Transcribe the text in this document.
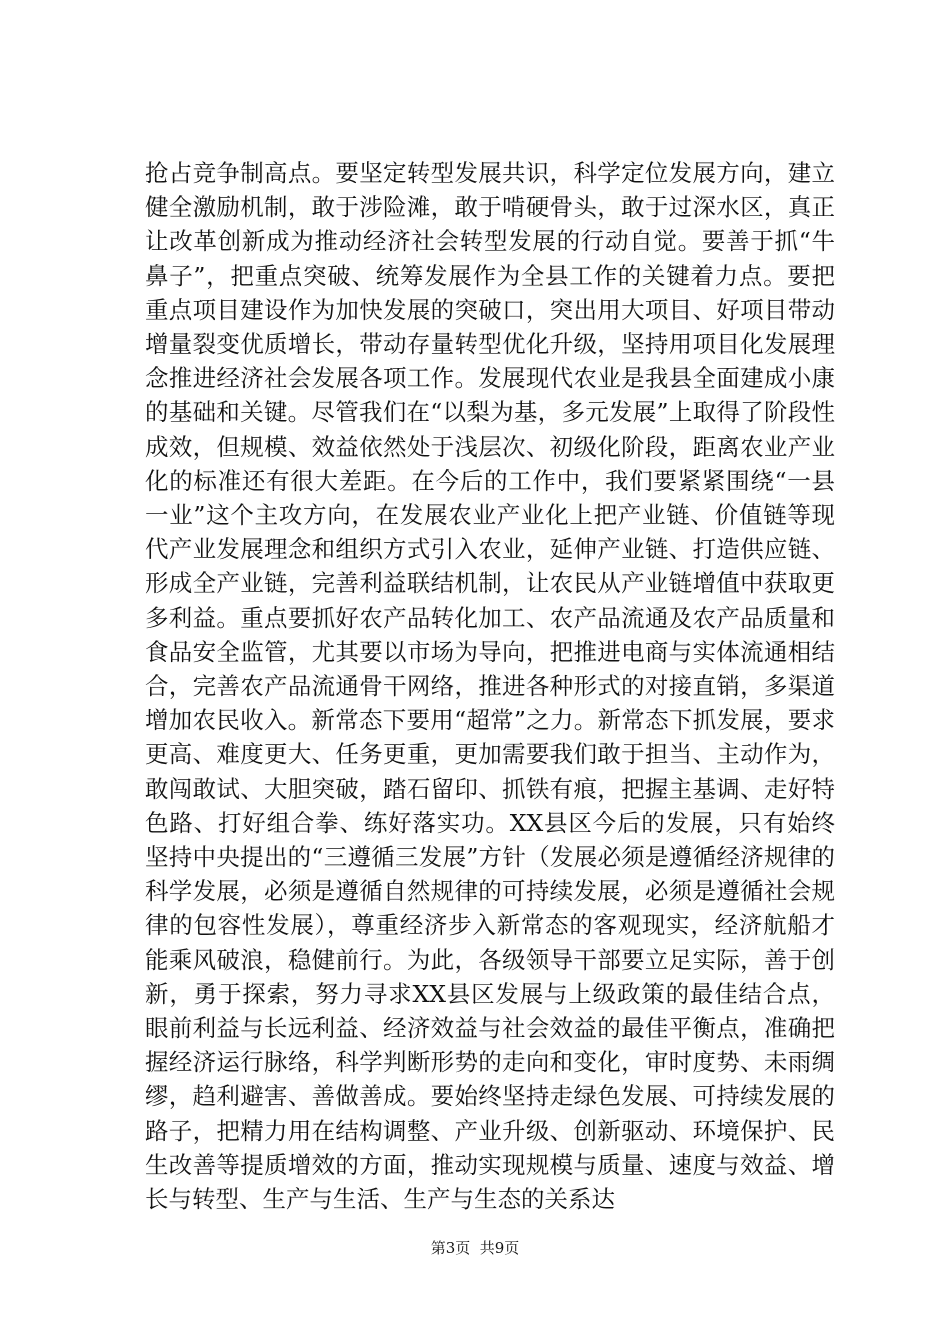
抢占竞争制高点。要坚定转型发展共识，科学定位发展方向，建立健全激励机制，敢于涉险滩，敢于啃硬骨头，敢于过深水区，真正让改革创新成为推动经济社会转型发展的行动自觉。要善于抓“牛鼻子”，把重点突破、统筹发展作为全县工作的关键着力点。要把重点项目建设作为加快发展的突破口，突出用大项目、好项目带动增量裂变优质增长，带动存量转型优化升级，坚持用项目化发展理念推进经济社会发展各项工作。发展现代农业是我县全面建成小康的基础和关键。尽管我们在“以梨为基，多元发展”上取得了阶段性成效，但规模、效益依然处于浅层次、初级化阶段，距离农业产业化的标准还有很大差距。在今后的工作中，我们要紧紧围绕“一县一业”这个主攻方向，在发展农业产业化上把产业链、价值链等现代产业发展理念和组织方式引入农业，延伸产业链、打造供应链、形成全产业链，完善利益联结机制，让农民从产业链增值中获取更多利益。重点要抓好农产品转化加工、农产品流通及农产品质量和食品安全监管，尤其要以市场为导向，把推进电商与实体流通相结合，完善农产品流通骨干网络，推进各种形式的对接直销，多渠道增加农民收入。新常态下要用“超常”之力。新常态下抓发展，要求更高、难度更大、任务更重，更加需要我们敢于担当、主动作为，敢闯敢试、大胆突破，踏石留印、抓铁有痕，把握主基调、走好特色路、打好组合拳、练好落实功。XX县区今后的发展，只有始终坚持中央提出的“三遵循三发展”方针（发展必须是遵循经济规律的科学发展，必须是遵循自然规律的可持续发展，必须是遵循社会规律的包容性发展），尊重经济步入新常态的客观现实，经济航船才能乘风破浪，稳健前行。为此，各级领导干部要立足实际，善于创新，勇于探索，努力寻求XX县区发展与上级政策的最佳结合点，眼前利益与长远利益、经济效益与社会效益的最佳平衡点，准确把握经济运行脉络，科学判断形势的走向和变化，审时度势、未雨绸缪，趋利避害、善做善成。要始终坚持走绿色发展、可持续发展的路子，把精力用在结构调整、产业升级、创新驱动、环境保护、民生改善等提质增效的方面，推动实现规模与质量、速度与效益、增长与转型、生产与生活、生产与生态的关系达

第3页  共9页
